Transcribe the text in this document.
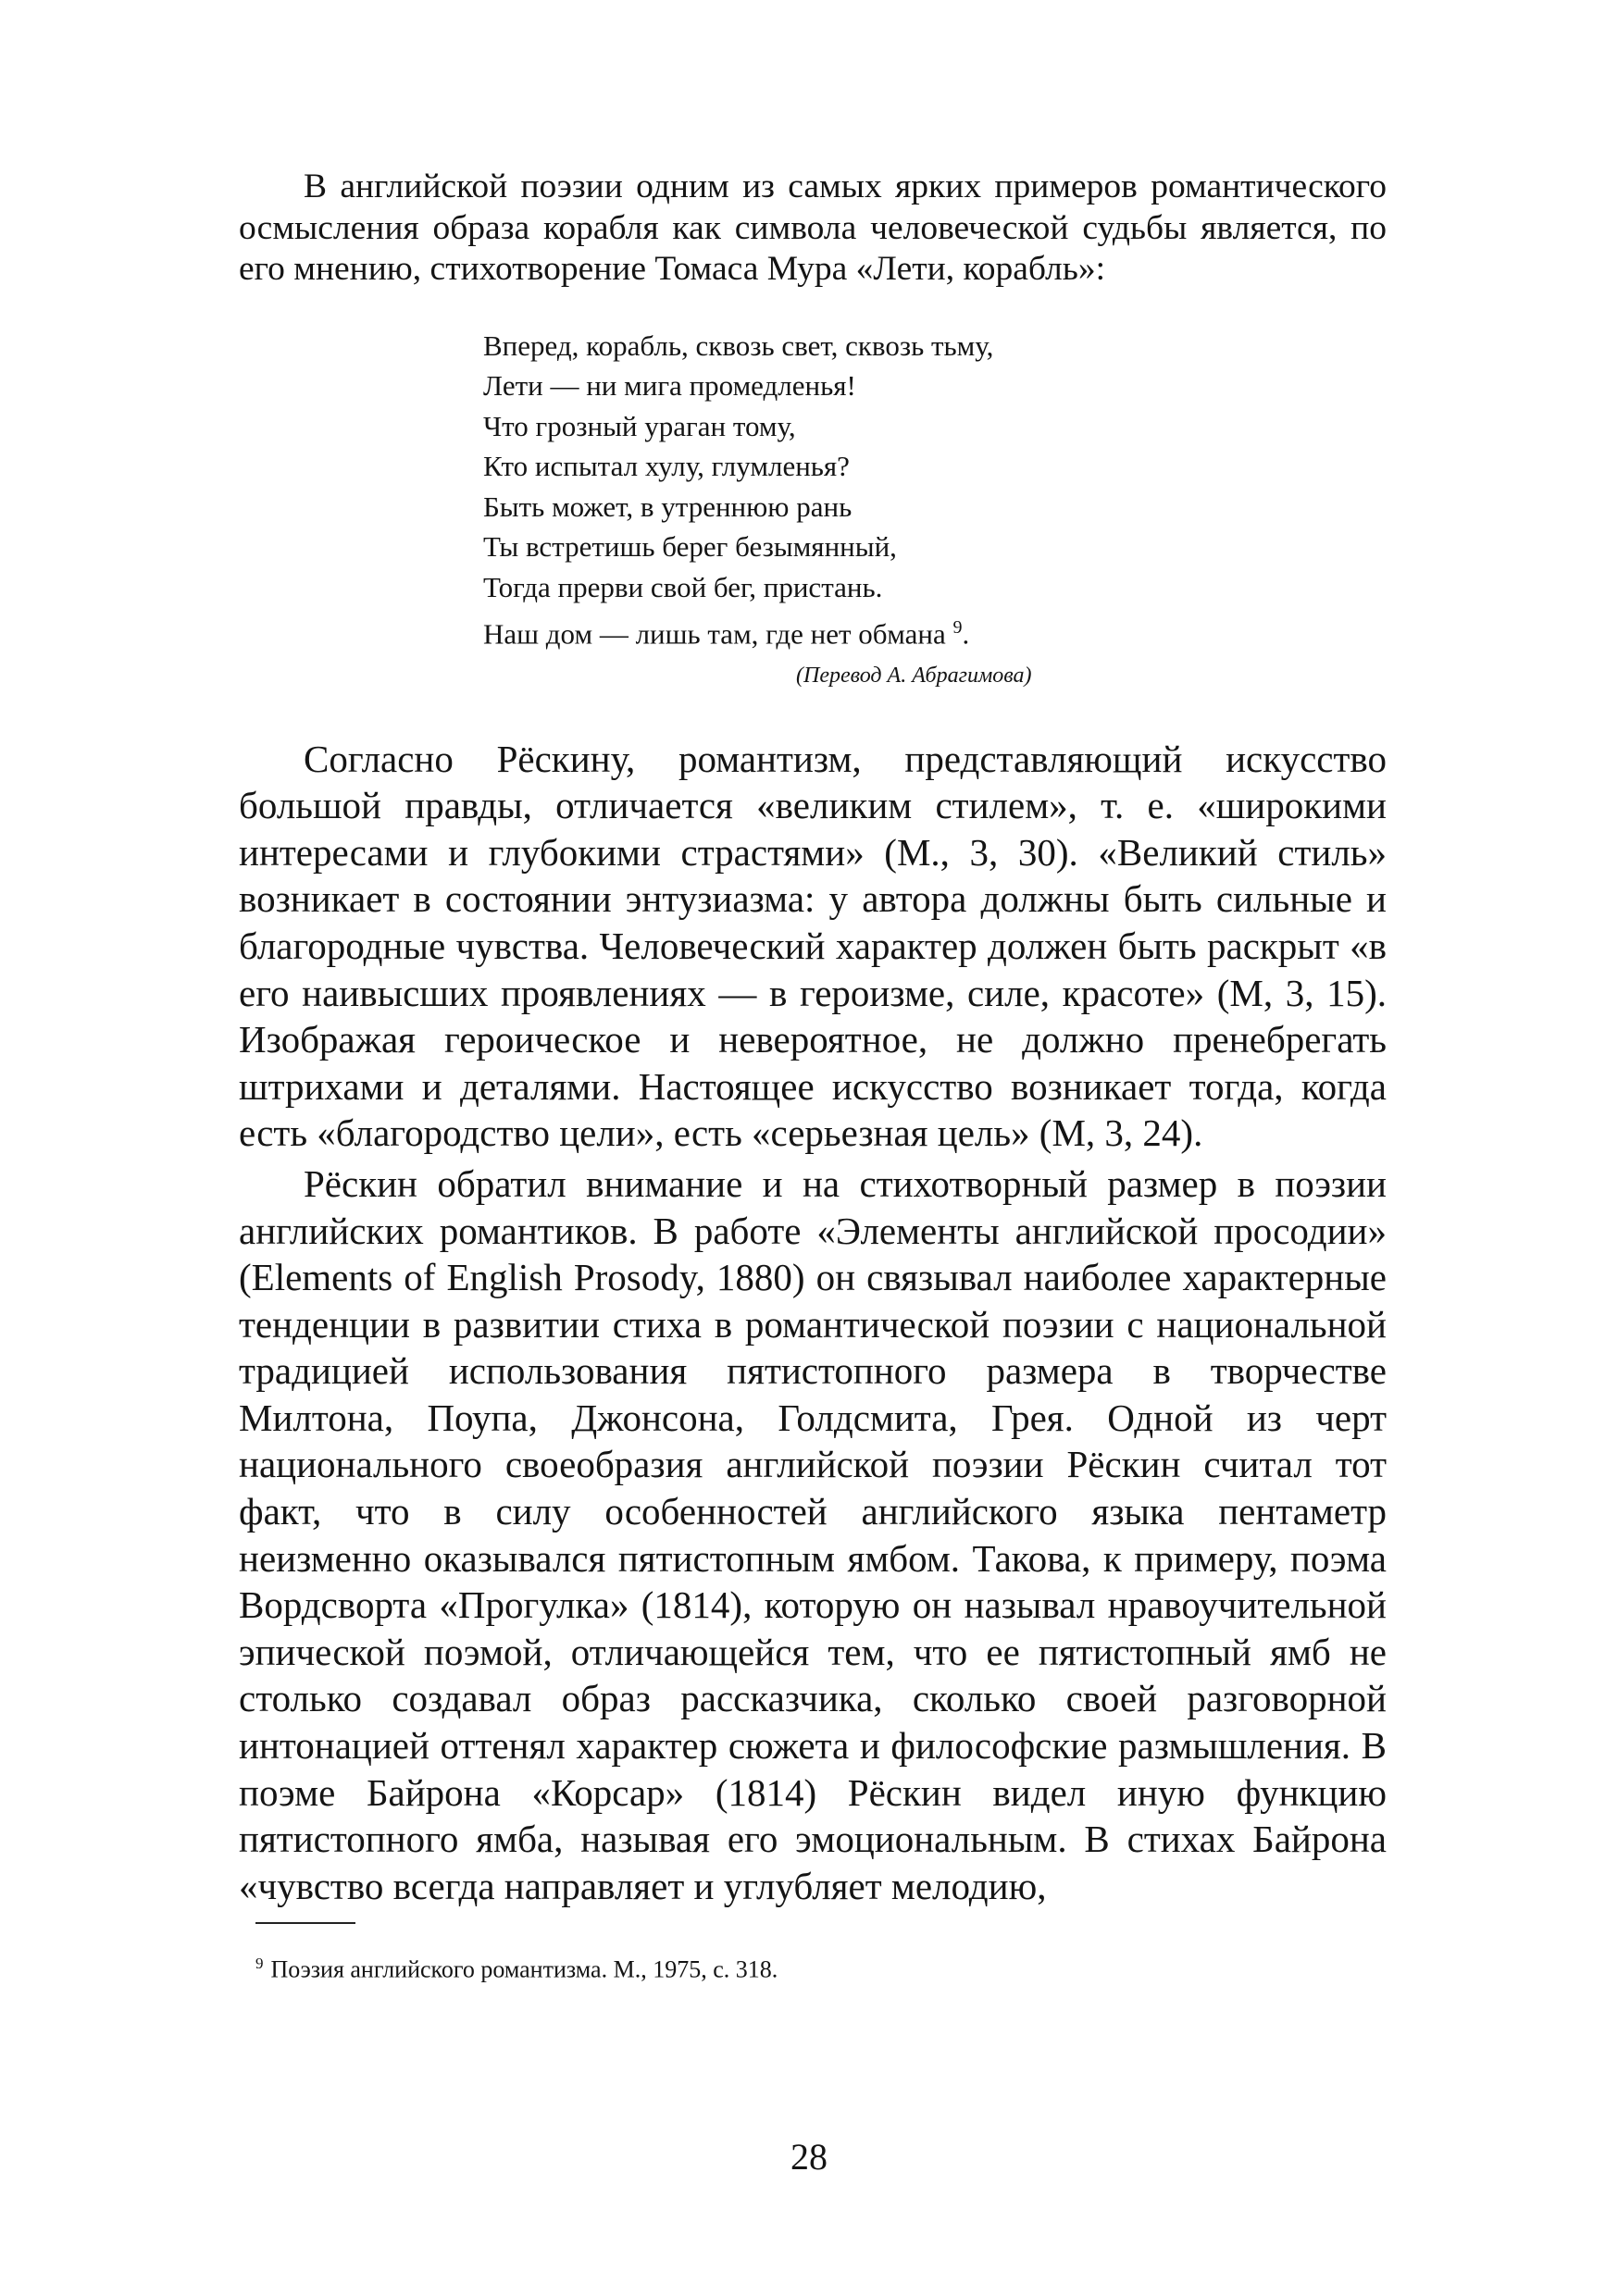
В английской поэзии одним из самых ярких примеров романтического осмысления образа корабля как символа человеческой судьбы является, по его мнению, стихотворение Томаса Мура «Лети, корабль»:

Вперед, корабль, сквозь свет, сквозь тьму,
Лети — ни мига промедленья!
Что грозный ураган тому,
Кто испытал хулу, глумленья?
Быть может, в утреннюю рань
Ты встретишь берег безымянный,
Тогда прерви свой бег, пристань.
Наш дом — лишь там, где нет обмана $^9$.
(Перевод А. Абрагимова)

Согласно Рёскину, романтизм, представляющий искусство большой правды, отличается «великим стилем», т. е. «широкими интересами и глубокими страстями» (М., 3, 30). «Великий стиль» возникает в состоянии энтузиазма: у автора должны быть сильные и благородные чувства. Человеческий характер должен быть раскрыт «в его наивысших проявлениях — в героизме, силе, красоте» (М, 3, 15). Изображая героическое и невероятное, не должно пренебрегать штрихами и деталями. Настоящее искусство возникает тогда, когда есть «благородство цели», есть «серьезная цель» (М, 3, 24).

Рёскин обратил внимание и на стихотворный размер в поэзии английских романтиков. В работе «Элементы английской просодии» (Elements of English Prosody, 1880) он связывал наиболее характерные тенденции в развитии стиха в романтической поэзии с национальной традицией использования пятистопного размера в творчестве Милтона, Поупа, Джонсона, Голдсмита, Грея. Одной из черт национального своеобразия английской поэзии Рёскин считал тот факт, что в силу особенностей английского языка пентаметр неизменно оказывался пятистопным ямбом. Такова, к примеру, поэма Вордсворта «Прогулка» (1814), которую он называл нравоучительной эпической поэмой, отличающейся тем, что ее пятистопный ямб не столько создавал образ рассказчика, сколько своей разговорной интонацией оттенял характер сюжета и философские размышления. В поэме Байрона «Корсар» (1814) Рёскин видел иную функцию пятистопного ямба, называя его эмоциональным. В стихах Байрона «чувство всегда направляет и углубляет мелодию,

$^9$ Поэзия английского романтизма. М., 1975, с. 318.
28
